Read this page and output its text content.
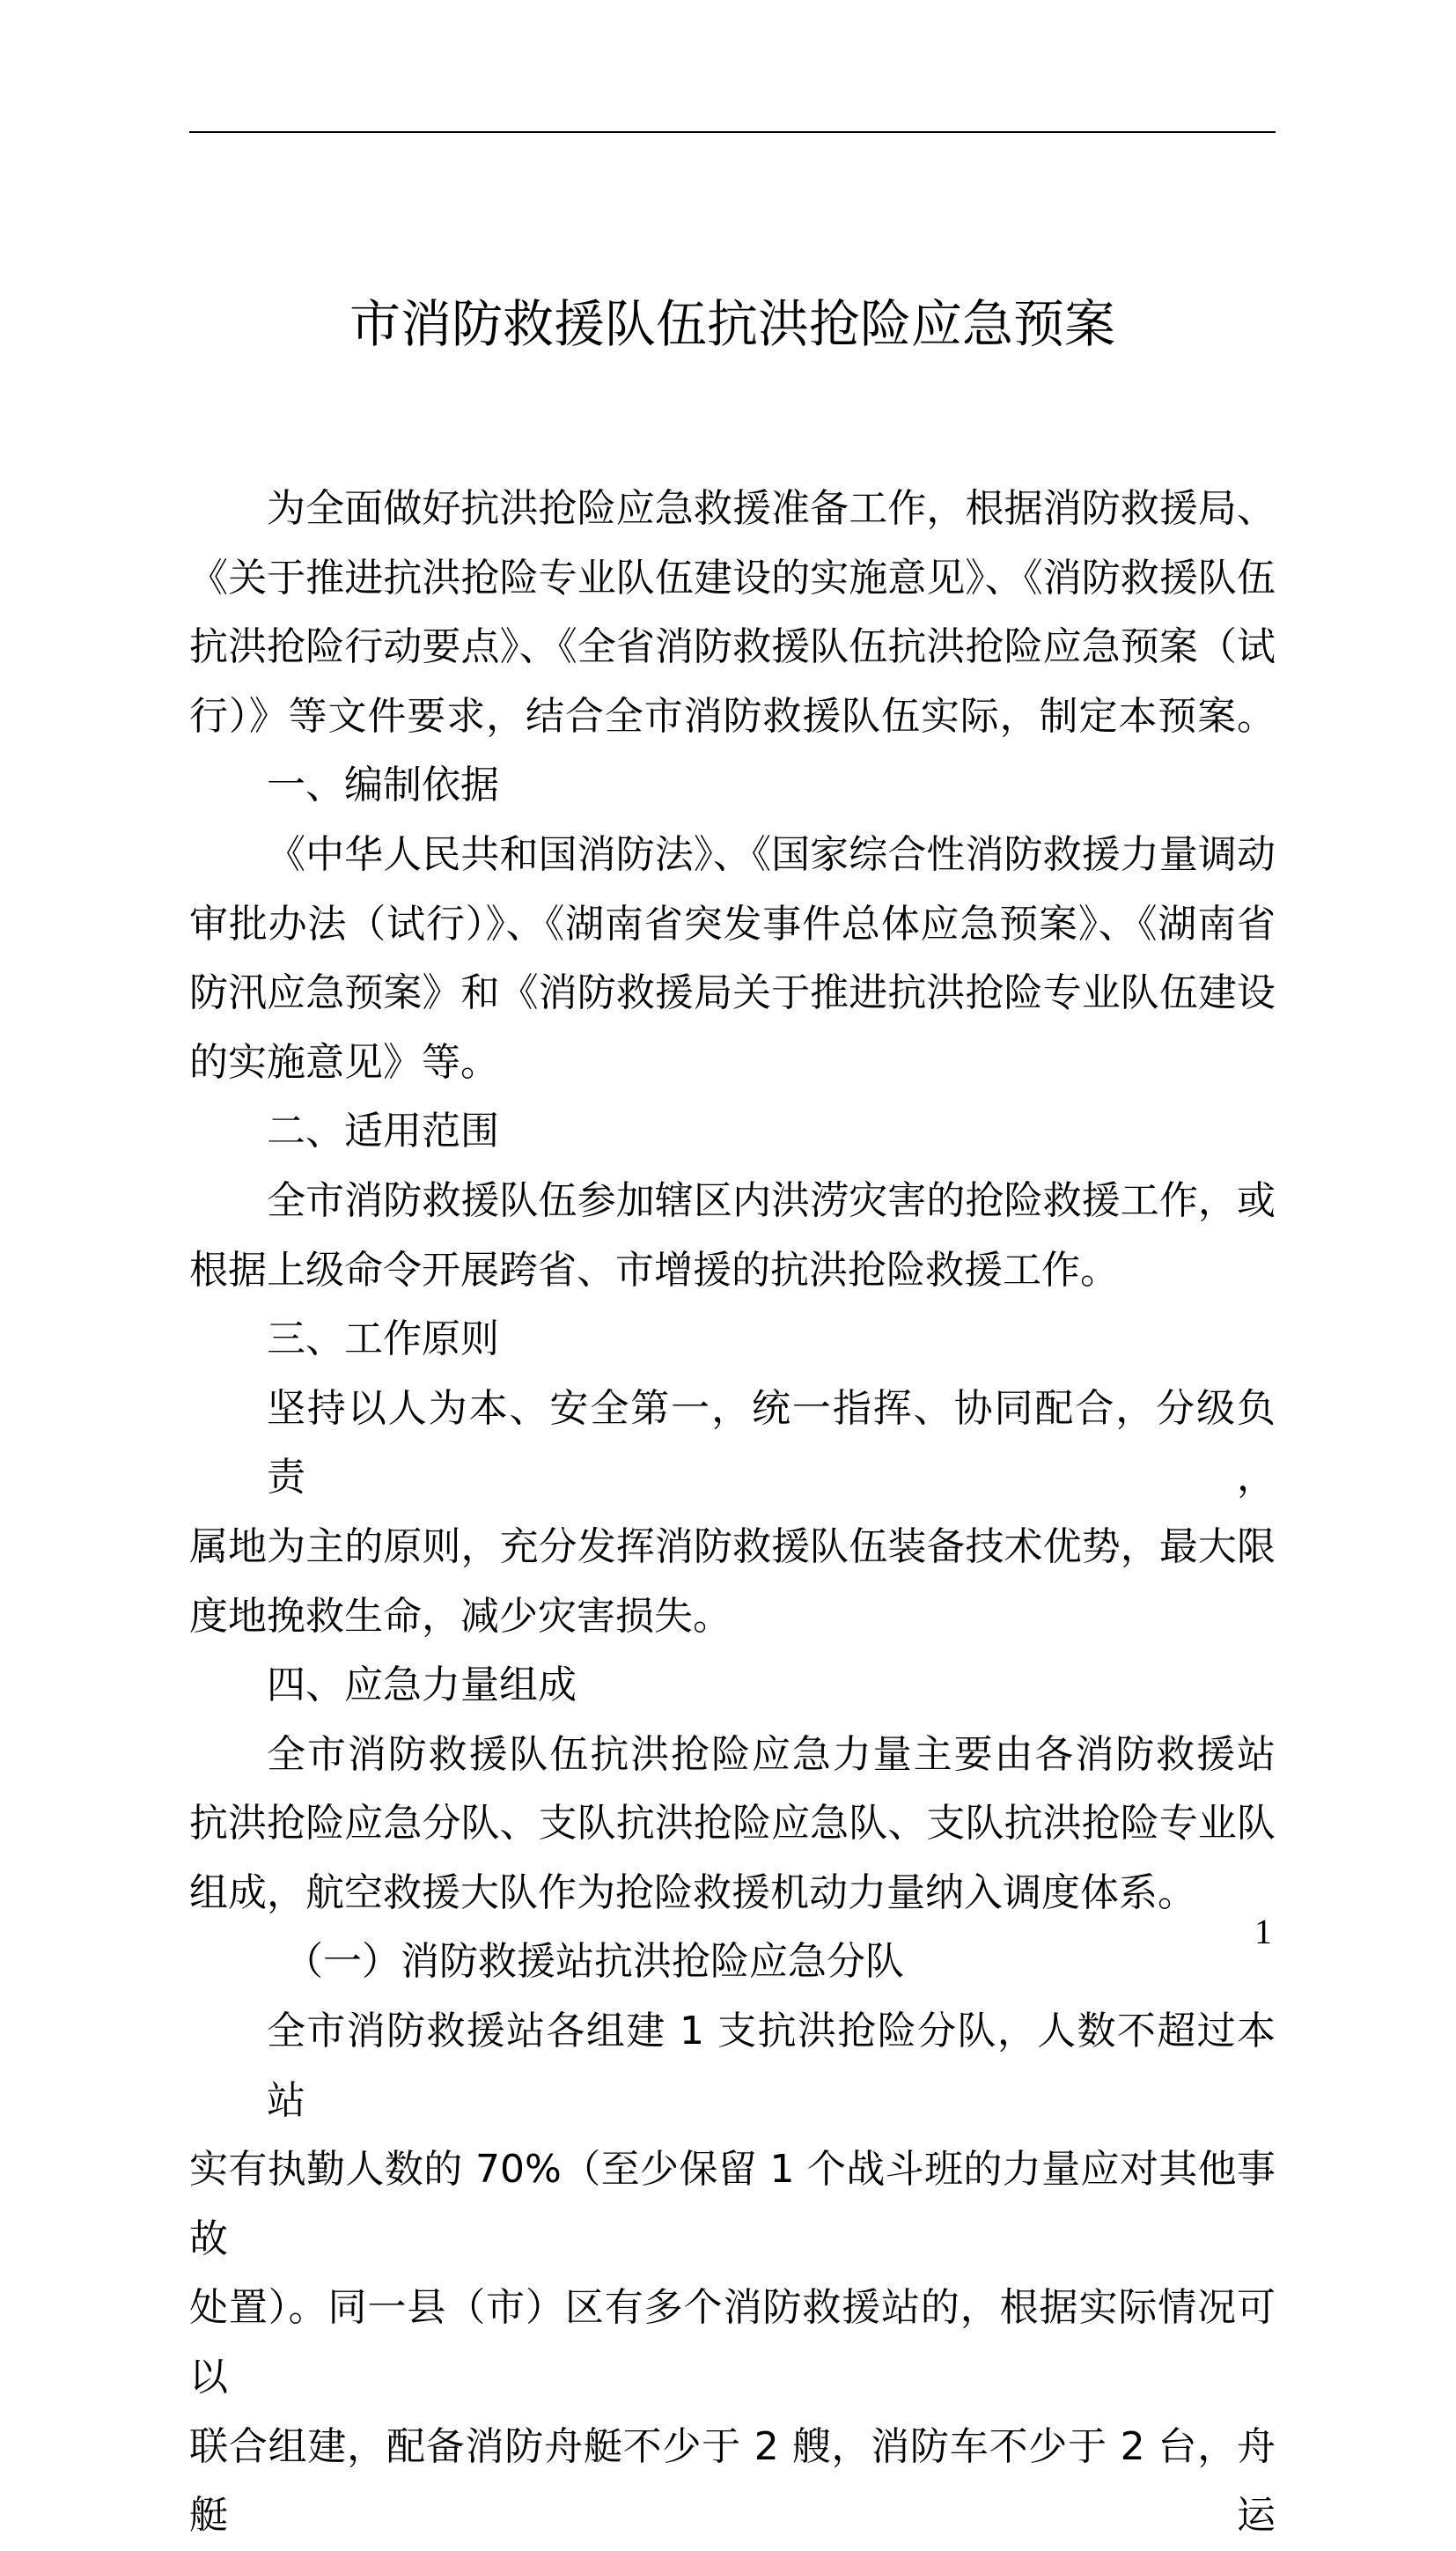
市消防救援队伍抗洪抢险应急预案
为全面做好抗洪抢险应急救援准备工作，根据消防救援局、
《关于推进抗洪抢险专业队伍建设的实施意见》、《消防救援队伍
抗洪抢险行动要点》、《全省消防救援队伍抗洪抢险应急预案（试
行）》等文件要求，结合全市消防救援队伍实际，制定本预案。
一、编制依据
《中华人民共和国消防法》、《国家综合性消防救援力量调动
审批办法（试行）》、《湖南省突发事件总体应急预案》、《湖南省
防汛应急预案》和《消防救援局关于推进抗洪抢险专业队伍建设
的实施意见》等。
二、适用范围
全市消防救援队伍参加辖区内洪涝灾害的抢险救援工作，或
根据上级命令开展跨省、市增援的抗洪抢险救援工作。
三、工作原则
坚持以人为本、安全第一，统一指挥、协同配合，分级负责，
属地为主的原则，充分发挥消防救援队伍装备技术优势，最大限
度地挽救生命，减少灾害损失。
四、应急力量组成
全市消防救援队伍抗洪抢险应急力量主要由各消防救援站
抗洪抢险应急分队、支队抗洪抢险应急队、支队抗洪抢险专业队
组成，航空救援大队作为抢险救援机动力量纳入调度体系。
（一）消防救援站抗洪抢险应急分队
全市消防救援站各组建 1 支抗洪抢险分队，人数不超过本站
实有执勤人数的 70%（至少保留 1 个战斗班的力量应对其他事故
处置）。同一县（市）区有多个消防救援站的，根据实际情况可以
联合组建，配备消防舟艇不少于 2 艘，消防车不少于 2 台，舟艇运
1
